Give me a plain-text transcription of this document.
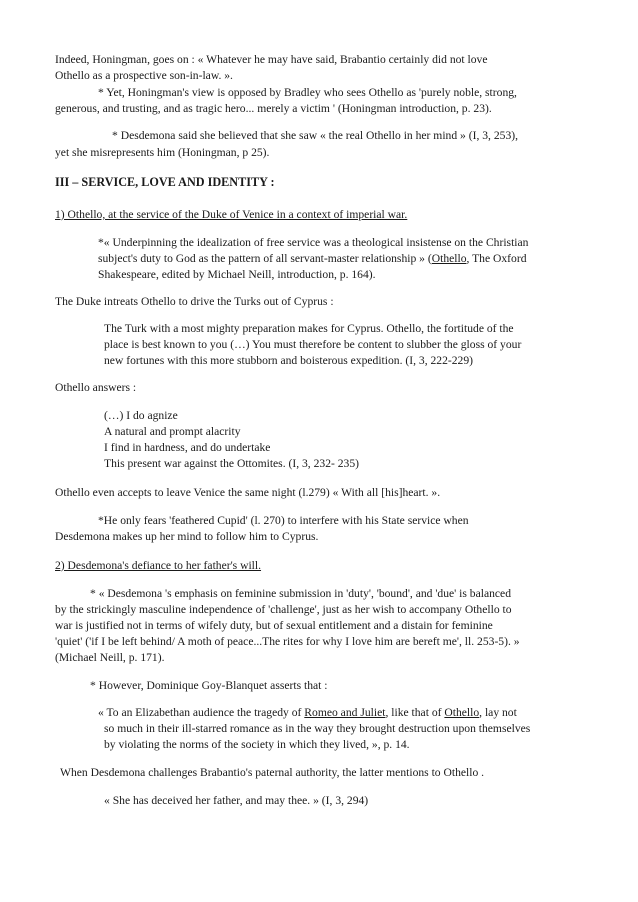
Indeed, Honingman, goes on : « Whatever he may have said, Brabantio certainly did not love
Othello as a prospective son-in-law. ».
* Yet, Honingman's view is opposed by Bradley who sees Othello as 'purely noble, strong,
generous, and trusting, and as tragic hero... merely a victim ' (Honingman introduction, p. 23).
* Desdemona said she believed that she saw « the real Othello in her mind » (I, 3, 253),
yet she misrepresents him (Honingman, p 25).
III – SERVICE, LOVE AND IDENTITY :
1) Othello, at the service of the Duke of Venice in a context of imperial war.
*« Underpinning the idealization of free service was a theological insistense on the Christian
subject's duty to God as the pattern of all servant-master relationship » (Othello, The Oxford
Shakespeare, edited by Michael Neill, introduction, p. 164).
The Duke intreats Othello to drive the Turks out of Cyprus :
The Turk with a most mighty preparation makes for Cyprus. Othello, the fortitude of the
place is best known to you (…) You must therefore be content to slubber the gloss of your
new fortunes with this more stubborn and boisterous expedition. (I, 3, 222-229)
Othello answers :
(…) I do agnize
A natural and prompt alacrity
I find in hardness, and do undertake
This present war against the Ottomites. (I, 3, 232- 235)
Othello even accepts to leave Venice the same night (l.279) « With all [his]heart. ».
*He only fears 'feathered Cupid' (l. 270) to interfere with his State service when
Desdemona makes up her mind to follow him to Cyprus.
2) Desdemona's defiance to her father's will.
* « Desdemona 's emphasis on feminine submission in 'duty', 'bound', and 'due' is balanced
by the strickingly masculine independence of 'challenge', just as her wish to accompany Othello to
war is justified not in terms of wifely duty, but of sexual entitlement and a distain for feminine
'quiet' ('if I be left behind/ A moth of peace...The rites for why I love him are bereft me', ll. 253-5). »
(Michael Neill, p. 171).
* However, Dominique Goy-Blanquet asserts that :
« To an Elizabethan audience the tragedy of Romeo and Juliet, like that of Othello, lay not
so much in their ill-starred romance as in the way they brought destruction upon themselves
by violating the norms of the society in which they lived, », p. 14.
When Desdemona challenges Brabantio's paternal authority, the latter mentions to Othello .
« She has deceived her father, and may thee. » (I, 3, 294)
